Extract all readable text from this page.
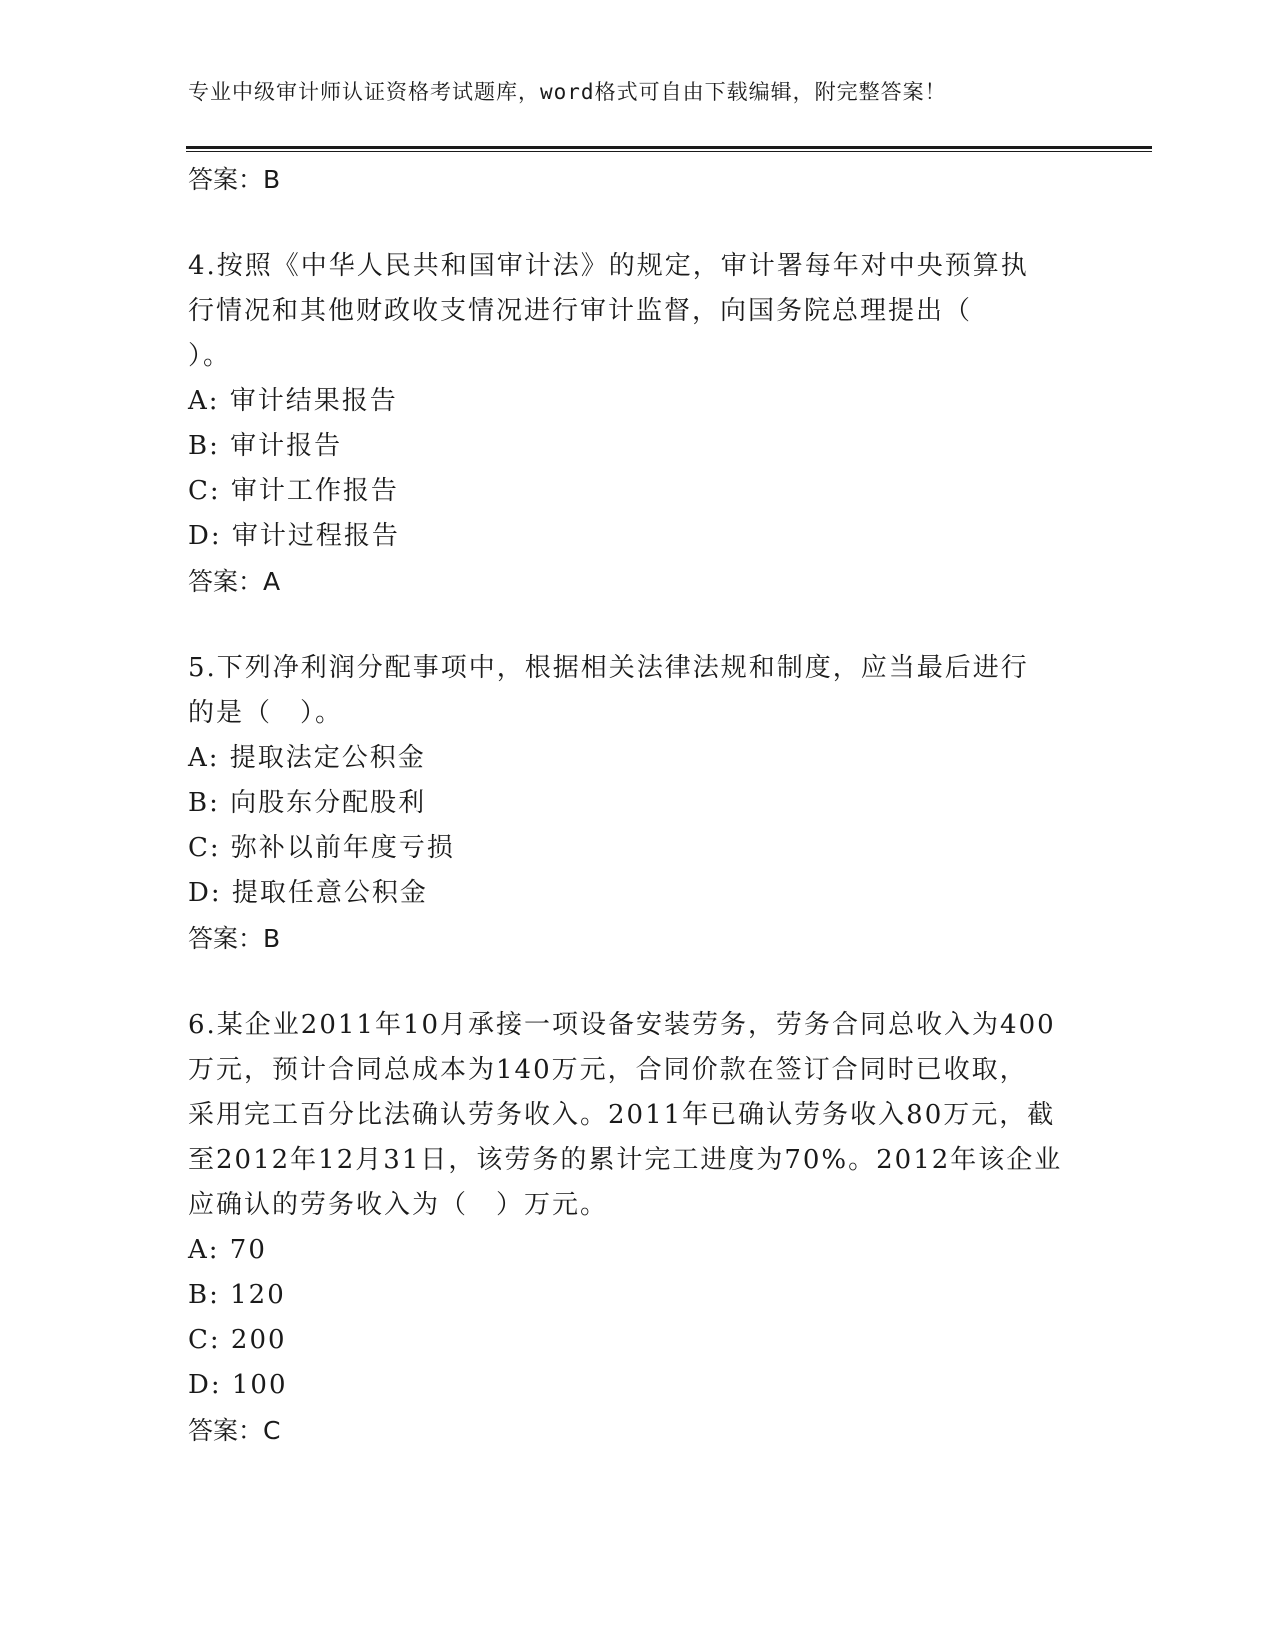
专业中级审计师认证资格考试题库，word格式可自由下载编辑，附完整答案！
答案：B
4.按照《中华人民共和国审计法》的规定，审计署每年对中央预算执
行情况和其他财政收支情况进行审计监督，向国务院总理提出（
）。
A: 审计结果报告
B: 审计报告
C: 审计工作报告
D: 审计过程报告
答案：A
5.下列净利润分配事项中，根据相关法律法规和制度，应当最后进行
的是（　）。
A: 提取法定公积金
B: 向股东分配股利
C: 弥补以前年度亏损
D: 提取任意公积金
答案：B
6.某企业2011年10月承接一项设备安装劳务，劳务合同总收入为400
万元，预计合同总成本为140万元，合同价款在签订合同时已收取，
采用完工百分比法确认劳务收入。2011年已确认劳务收入80万元，截
至2012年12月31日，该劳务的累计完工进度为70%。2012年该企业
应确认的劳务收入为（　）万元。
A: 70
B: 120
C: 200
D: 100
答案：C
